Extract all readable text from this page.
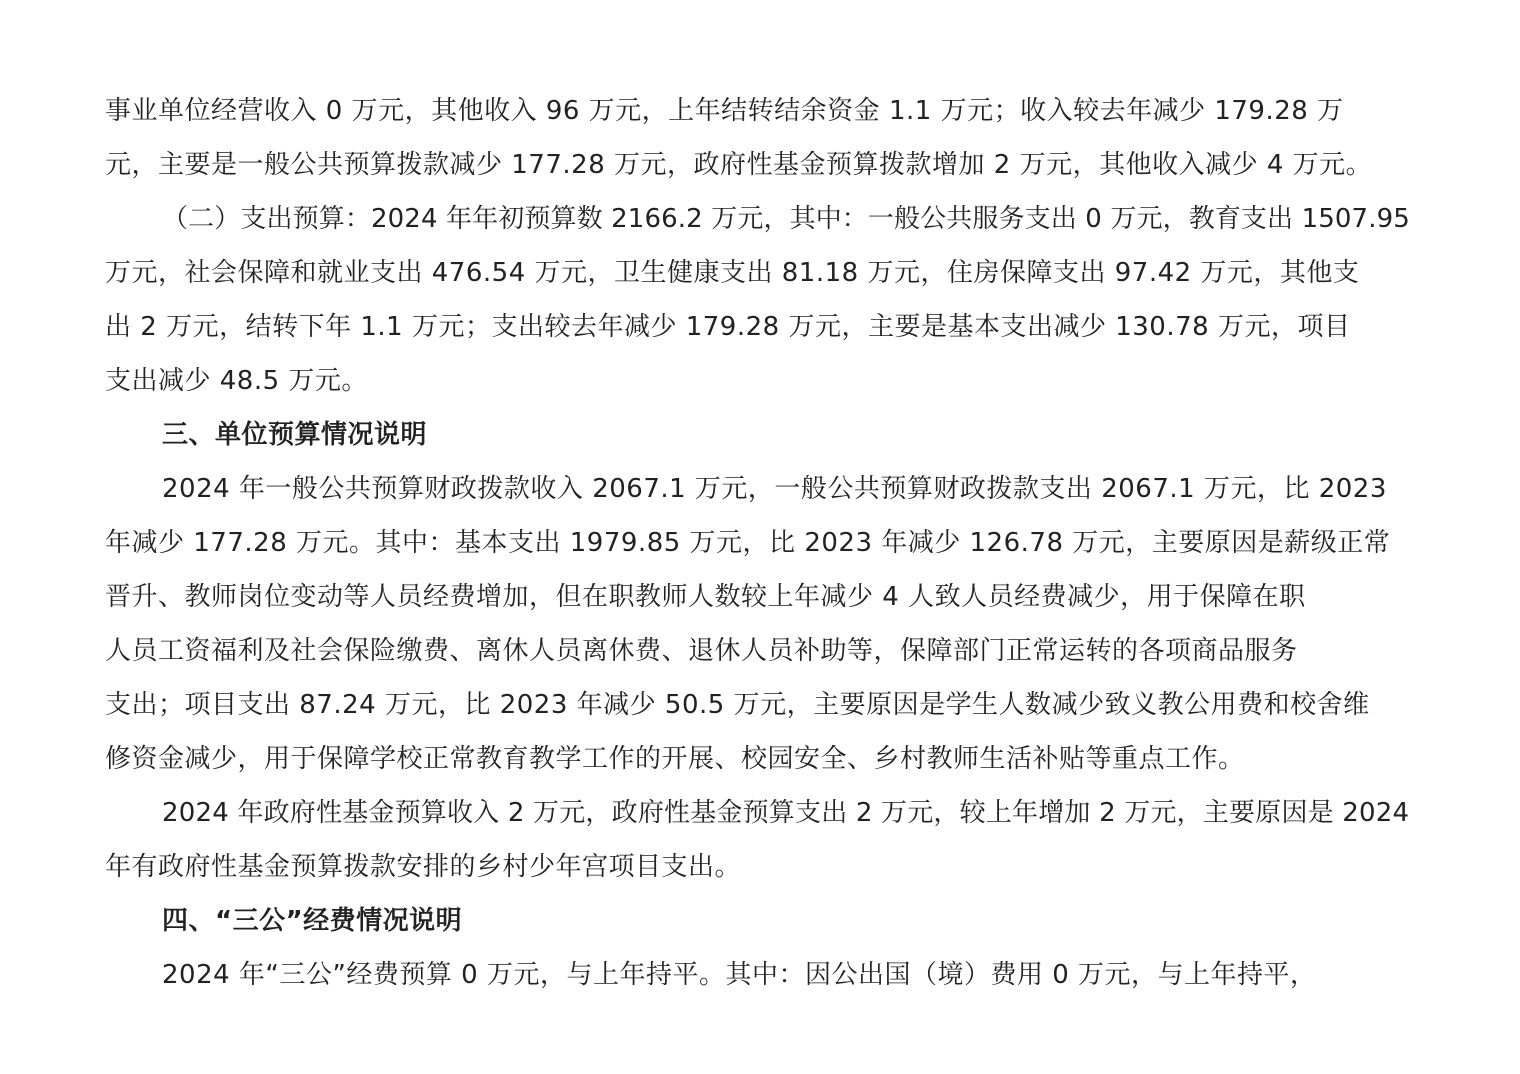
事业单位经营收入 0 万元，其他收入 96 万元，上年结转结余资金 1.1 万元；收入较去年减少 179.28 万
元，主要是一般公共预算拨款减少 177.28 万元，政府性基金预算拨款增加 2 万元，其他收入减少 4 万元。
（二）支出预算：2024 年年初预算数 2166.2 万元，其中：一般公共服务支出 0 万元，教育支出 1507.95
万元，社会保障和就业支出 476.54 万元，卫生健康支出 81.18 万元，住房保障支出 97.42 万元，其他支
出 2 万元，结转下年 1.1 万元；支出较去年减少 179.28 万元，主要是基本支出减少 130.78 万元，项目
支出减少 48.5 万元。
三、单位预算情况说明
2024 年一般公共预算财政拨款收入 2067.1 万元，一般公共预算财政拨款支出 2067.1 万元，比 2023
年减少 177.28 万元。其中：基本支出 1979.85 万元，比 2023 年减少 126.78 万元，主要原因是薪级正常
晋升、教师岗位变动等人员经费增加，但在职教师人数较上年减少 4 人致人员经费减少，用于保障在职
人员工资福利及社会保险缴费、离休人员离休费、退休人员补助等，保障部门正常运转的各项商品服务
支出；项目支出 87.24 万元，比 2023 年减少 50.5 万元，主要原因是学生人数减少致义教公用费和校舍维
修资金减少，用于保障学校正常教育教学工作的开展、校园安全、乡村教师生活补贴等重点工作。
2024 年政府性基金预算收入 2 万元，政府性基金预算支出 2 万元，较上年增加 2 万元，主要原因是 2024
年有政府性基金预算拨款安排的乡村少年宫项目支出。
四、“三公”经费情况说明
2024 年“三公”经费预算 0 万元，与上年持平。其中：因公出国（境）费用 0 万元，与上年持平，
